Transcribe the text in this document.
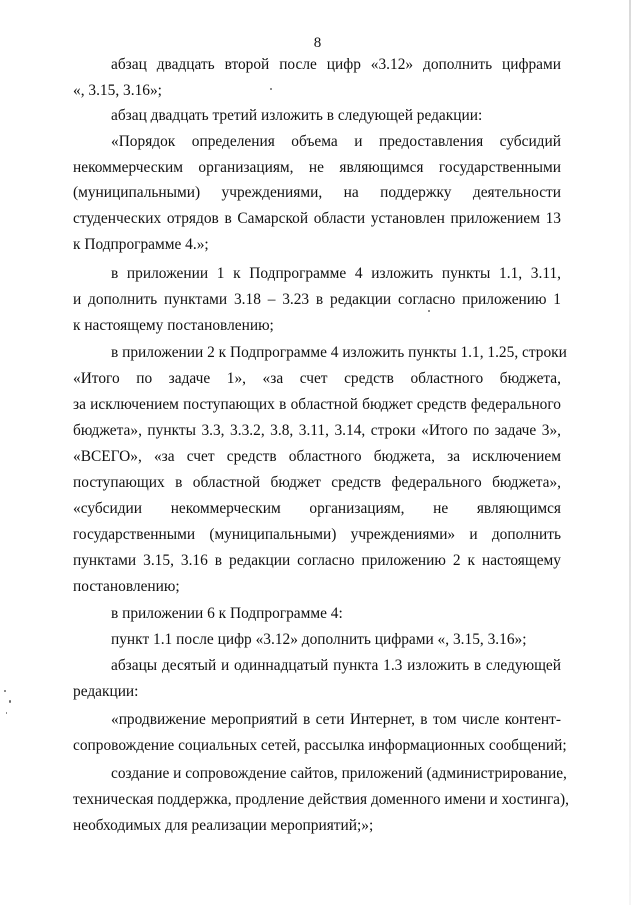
8
абзац двадцать второй после цифр «3.12» дополнить цифрами
«, 3.15, 3.16»;
абзац двадцать третий изложить в следующей редакции:
«Порядок определения объема и предоставления субсидий
некоммерческим организациям, не являющимся государственными
(муниципальными) учреждениями, на поддержку деятельности
студенческих отрядов в Самарской области установлен приложением 13
к Подпрограмме 4.»;
в приложении 1 к Подпрограмме 4 изложить пункты 1.1, 3.11,
и дополнить пунктами 3.18 – 3.23 в редакции согласно приложению 1
к настоящему постановлению;
в приложении 2 к Подпрограмме 4 изложить пункты 1.1, 1.25, строки
«Итого по задаче 1», «за счет средств областного бюджета,
за исключением поступающих в областной бюджет средств федерального
бюджета», пункты 3.3, 3.3.2, 3.8, 3.11, 3.14, строки «Итого по задаче 3»,
«ВСЕГО», «за счет средств областного бюджета, за исключением
поступающих в областной бюджет средств федерального бюджета»,
«субсидии некоммерческим организациям, не являющимся
государственными (муниципальными) учреждениями» и дополнить
пунктами 3.15, 3.16 в редакции согласно приложению 2 к настоящему
постановлению;
в приложении 6 к Подпрограмме 4:
пункт 1.1 после цифр «3.12» дополнить цифрами «, 3.15, 3.16»;
абзацы десятый и одиннадцатый пункта 1.3 изложить в следующей
редакции:
«продвижение мероприятий в сети Интернет, в том числе контент-
сопровождение социальных сетей, рассылка информационных сообщений;
создание и сопровождение сайтов, приложений (администрирование,
техническая поддержка, продление действия доменного имени и хостинга),
необходимых для реализации мероприятий;»;
